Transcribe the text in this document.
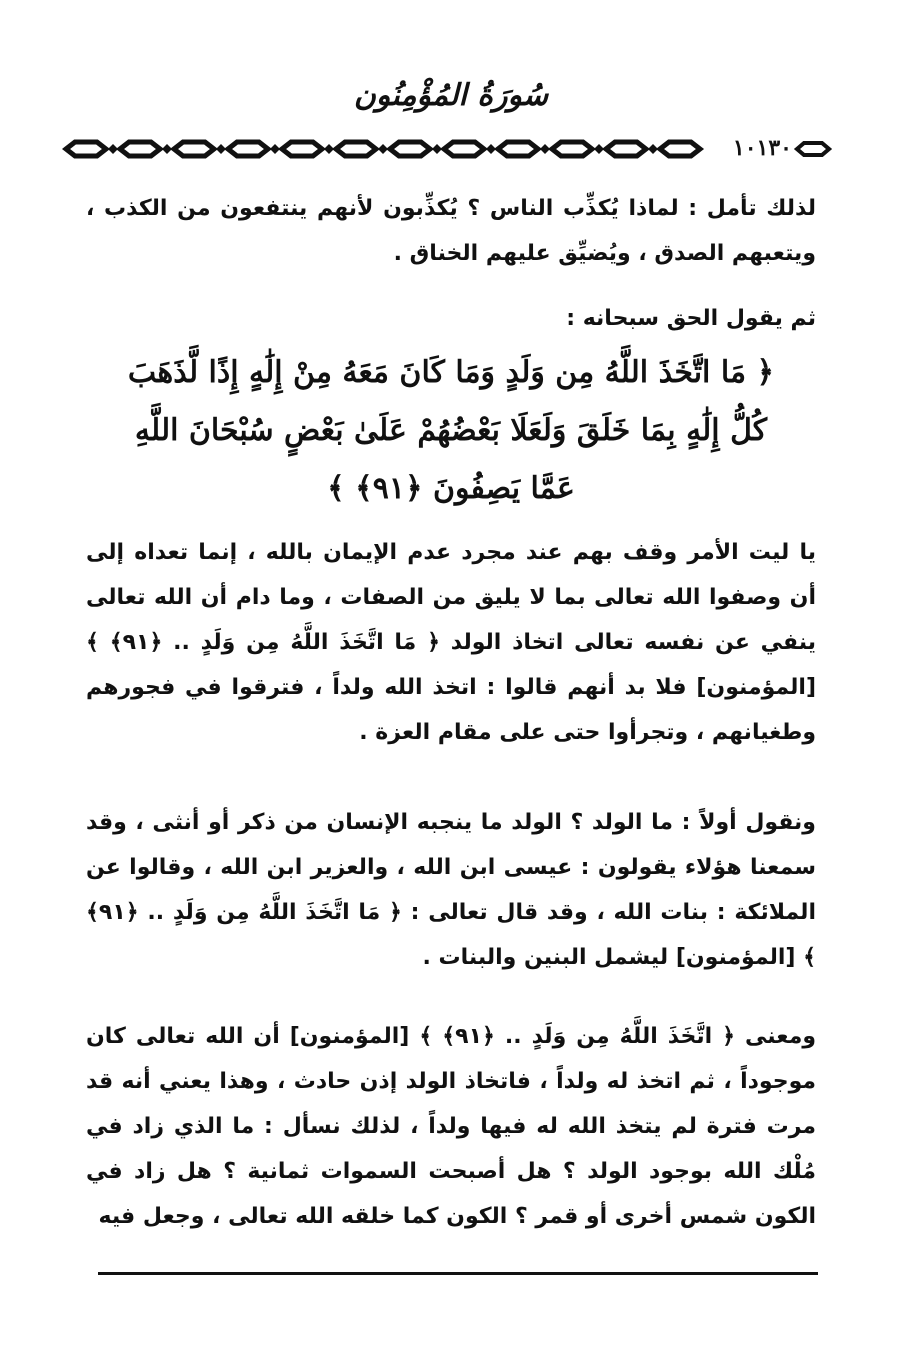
سُورَةُ المُؤْمِنُون
١٠١٣٠

لذلك تأمل : لماذا يُكذِّب الناس ؟ يُكذِّبون لأنهم ينتفعون من الكذب ، ويتعبهم الصدق ، ويُضيِّق عليهم الخناق .

ثم يقول الحق سبحانه :

﴿ مَا اتَّخَذَ اللَّهُ مِن وَلَدٍ وَمَا كَانَ مَعَهُ مِنْ إِلَٰهٍ إِذًا لَّذَهَبَ
كُلُّ إِلَٰهٍ بِمَا خَلَقَ وَلَعَلَا بَعْضُهُمْ عَلَىٰ بَعْضٍ سُبْحَانَ اللَّهِ
عَمَّا يَصِفُونَ ﴿٩١﴾ ﴾

يا ليت الأمر وقف بهم عند مجرد عدم الإيمان بالله ، إنما تعداه إلى أن وصفوا الله تعالى بما لا يليق من الصفات ، وما دام أن الله تعالى ينفي عن نفسه تعالى اتخاذ الولد ﴿ مَا اتَّخَذَ اللَّهُ مِن وَلَدٍ .. ﴿٩١﴾ ﴾ [المؤمنون] فلا بد أنهم قالوا : اتخذ الله ولداً ، فترقوا في فجورهم وطغيانهم ، وتجرأوا حتى على مقام العزة .

ونقول أولاً : ما الولد ؟ الولد ما ينجبه الإنسان من ذكر أو أنثى ، وقد سمعنا هؤلاء يقولون : عيسى ابن الله ، والعزير ابن الله ، وقالوا عن الملائكة : بنات الله ، وقد قال تعالى : ﴿ مَا اتَّخَذَ اللَّهُ مِن وَلَدٍ .. ﴿٩١﴾ ﴾ [المؤمنون] ليشمل البنين والبنات .

ومعنى ﴿ اتَّخَذَ اللَّهُ مِن وَلَدٍ .. ﴿٩١﴾ ﴾ [المؤمنون] أن الله تعالى كان موجوداً ، ثم اتخذ له ولداً ، فاتخاذ الولد إذن حادث ، وهذا يعني أنه قد مرت فترة لم يتخذ الله له فيها ولداً ، لذلك نسأل : ما الذي زاد في مُلْك الله بوجود الولد ؟ هل أصبحت السموات ثمانية ؟ هل زاد في الكون شمس أخرى أو قمر ؟ الكون كما خلقه الله تعالى ، وجعل فيه
